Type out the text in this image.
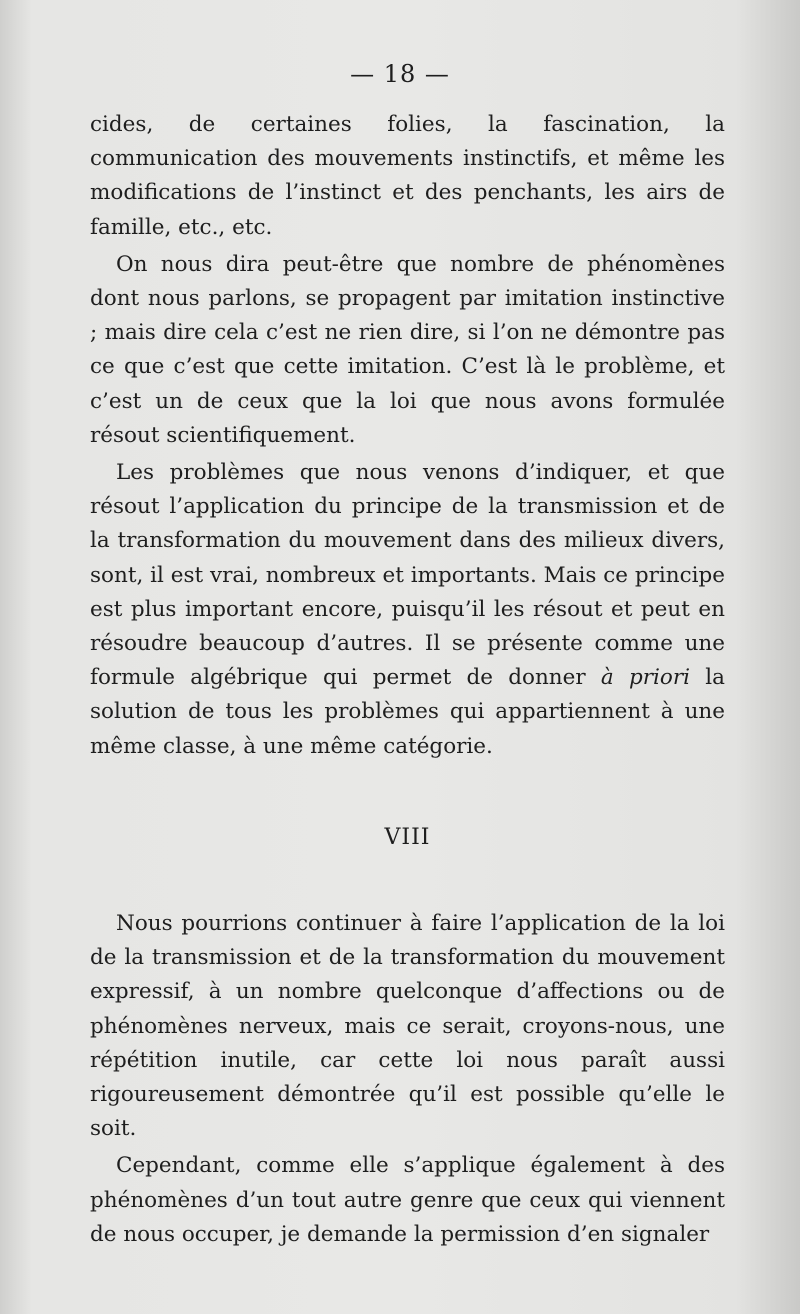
— 18 —

cides, de certaines folies, la fascination, la communication des mouvements instinctifs, et même les modifications de l’instinct et des penchants, les airs de famille, etc., etc.

On nous dira peut-être que nombre de phénomènes dont nous parlons, se propagent par imitation instinctive ; mais dire cela c’est ne rien dire, si l’on ne démontre pas ce que c’est que cette imitation. C’est là le problème, et c’est un de ceux que la loi que nous avons formulée résout scientifiquement.

Les problèmes que nous venons d’indiquer, et que résout l’application du principe de la transmission et de la transformation du mouvement dans des milieux divers, sont, il est vrai, nombreux et importants. Mais ce principe est plus important encore, puisqu’il les résout et peut en résoudre beaucoup d’autres. Il se présente comme une formule algébrique qui permet de donner à priori la solution de tous les problèmes qui appartiennent à une même classe, à une même catégorie.

VIII

Nous pourrions continuer à faire l’application de la loi de la transmission et de la transformation du mouvement expressif, à un nombre quelconque d’affections ou de phénomènes nerveux, mais ce serait, croyons-nous, une répétition inutile, car cette loi nous paraît aussi rigoureusement démontrée qu’il est possible qu’elle le soit.

Cependant, comme elle s’applique également à des phénomènes d’un tout autre genre que ceux qui viennent de nous occuper, je demande la permission d’en signaler
